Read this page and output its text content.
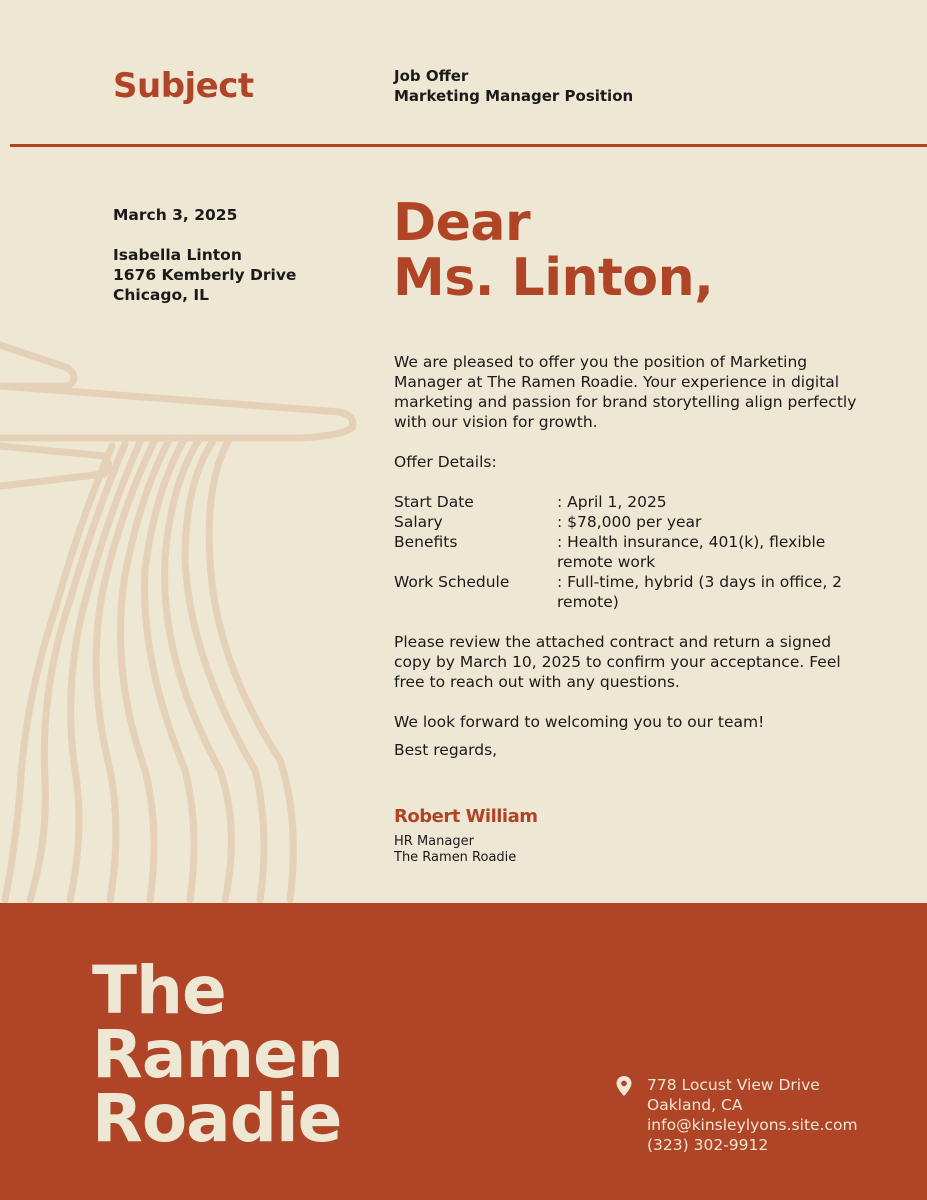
Subject	Job Offer
Marketing Manager Position
March 3, 2025
Isabella Linton
1676 Kemberly Drive
Chicago, IL
Dear
Ms. Linton,

We are pleased to offer you the position of Marketing Manager at The Ramen Roadie. Your experience in digital marketing and passion for brand storytelling align perfectly with our vision for growth.

Offer Details:

Start Date	: April 1, 2025
Salary	: $78,000 per year
Benefits	: Health insurance, 401(k), flexible remote work
Work Schedule	: Full-time, hybrid (3 days in office, 2 remote)

Please review the attached contract and return a signed copy by March 10, 2025 to confirm your acceptance. Feel free to reach out with any questions.

We look forward to welcoming you to our team!

Best regards,

Robert William
HR Manager
The Ramen Roadie
The
Ramen
Roadie	778 Locust View Drive
Oakland, CA
info@kinsleylyons.site.com
(323) 302-9912
